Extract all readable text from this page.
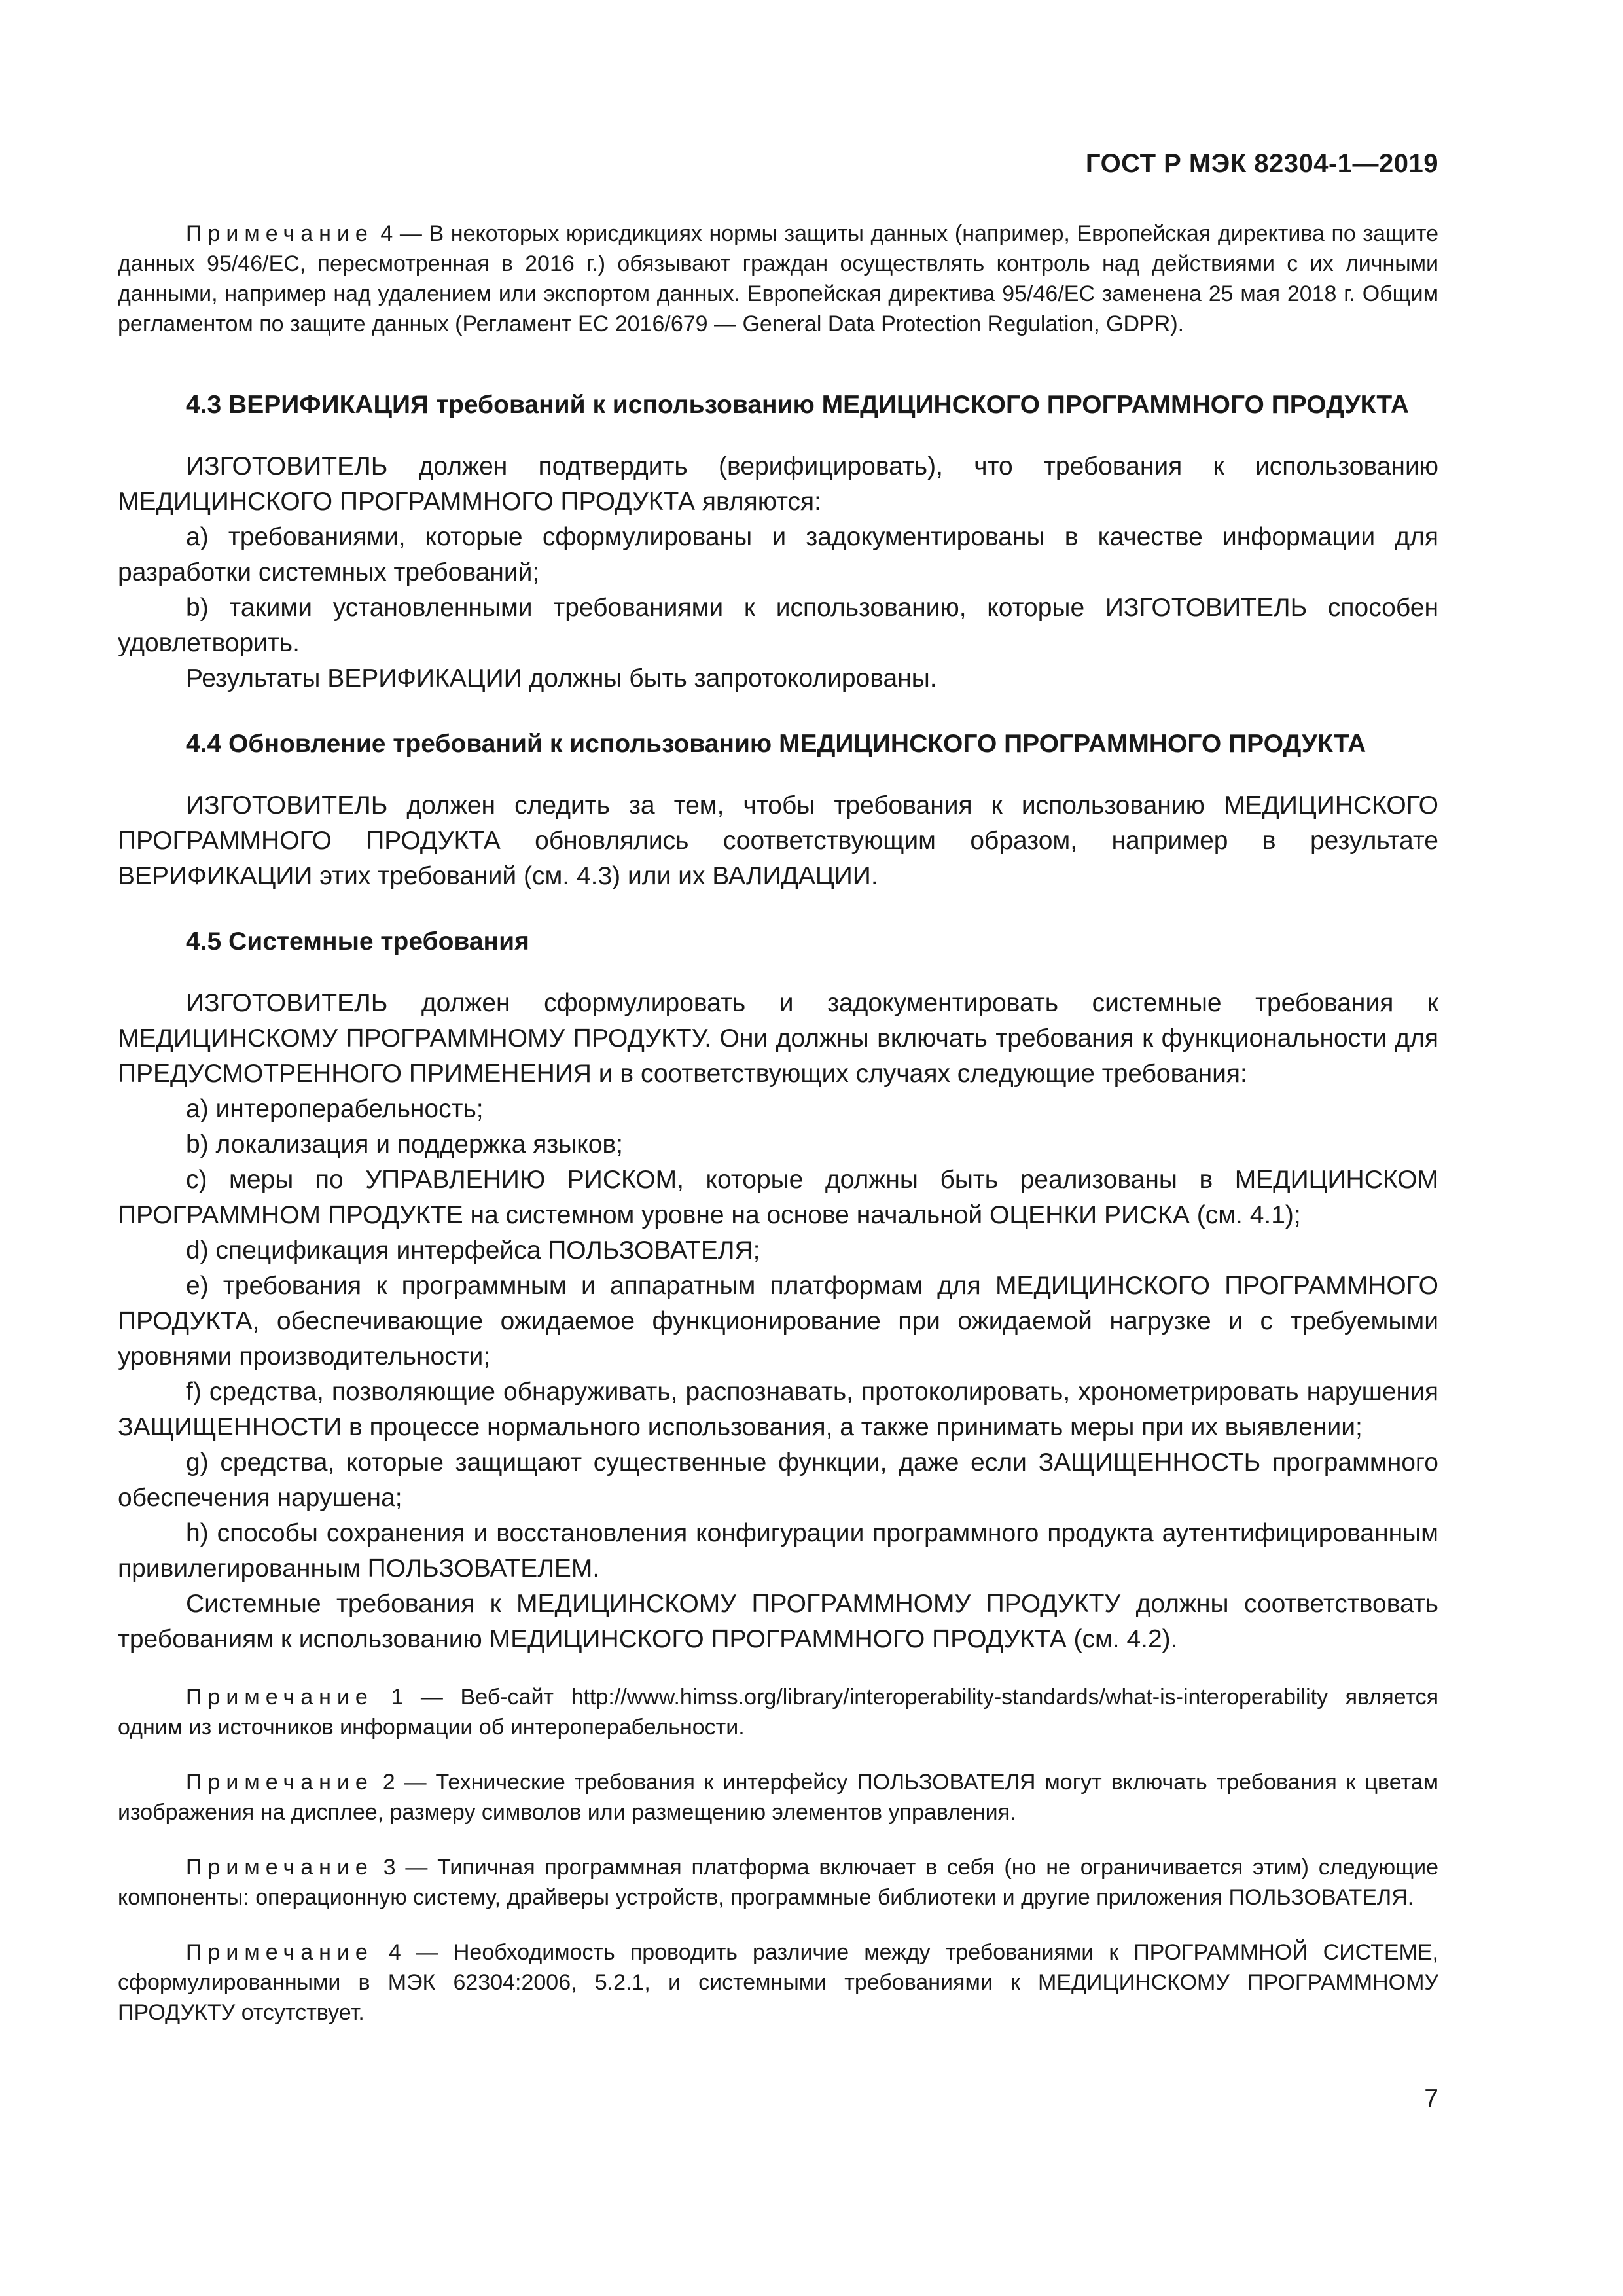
ГОСТ Р МЭК 82304-1—2019

Примечание 4 — В некоторых юрисдикциях нормы защиты данных (например, Европейская директива по защите данных 95/46/ЕС, пересмотренная в 2016 г.) обязывают граждан осуществлять контроль над действиями с их личными данными, например над удалением или экспортом данных. Европейская директива 95/46/ЕС заменена 25 мая 2018 г. Общим регламентом по защите данных (Регламент ЕС 2016/679 — General Data Protection Regulation, GDPR).

4.3 ВЕРИФИКАЦИЯ требований к использованию МЕДИЦИНСКОГО ПРОГРАММНОГО ПРОДУКТА

ИЗГОТОВИТЕЛЬ должен подтвердить (верифицировать), что требования к использованию МЕДИЦИНСКОГО ПРОГРАММНОГО ПРОДУКТА являются:

а) требованиями, которые сформулированы и задокументированы в качестве информации для разработки системных требований;

b) такими установленными требованиями к использованию, которые ИЗГОТОВИТЕЛЬ способен удовлетворить.

Результаты ВЕРИФИКАЦИИ должны быть запротоколированы.

4.4 Обновление требований к использованию МЕДИЦИНСКОГО ПРОГРАММНОГО ПРОДУКТА

ИЗГОТОВИТЕЛЬ должен следить за тем, чтобы требования к использованию МЕДИЦИНСКОГО ПРОГРАММНОГО ПРОДУКТА обновлялись соответствующим образом, например в результате ВЕРИФИКАЦИИ этих требований (см. 4.3) или их ВАЛИДАЦИИ.

4.5 Системные требования

ИЗГОТОВИТЕЛЬ должен сформулировать и задокументировать системные требования к МЕДИЦИНСКОМУ ПРОГРАММНОМУ ПРОДУКТУ. Они должны включать требования к функциональности для ПРЕДУСМОТРЕННОГО ПРИМЕНЕНИЯ и в соответствующих случаях следующие требования:

а) интероперабельность;

b) локализация и поддержка языков;

c) меры по УПРАВЛЕНИЮ РИСКОМ, которые должны быть реализованы в МЕДИЦИНСКОМ ПРОГРАММНОМ ПРОДУКТЕ на системном уровне на основе начальной ОЦЕНКИ РИСКА (см. 4.1);

d) спецификация интерфейса ПОЛЬЗОВАТЕЛЯ;

e) требования к программным и аппаратным платформам для МЕДИЦИНСКОГО ПРОГРАММНОГО ПРОДУКТА, обеспечивающие ожидаемое функционирование при ожидаемой нагрузке и с требуемыми уровнями производительности;

f) средства, позволяющие обнаруживать, распознавать, протоколировать, хронометрировать нарушения ЗАЩИЩЕННОСТИ в процессе нормального использования, а также принимать меры при их выявлении;

g) средства, которые защищают существенные функции, даже если ЗАЩИЩЕННОСТЬ программного обеспечения нарушена;

h) способы сохранения и восстановления конфигурации программного продукта аутентифицированным привилегированным ПОЛЬЗОВАТЕЛЕМ.

Системные требования к МЕДИЦИНСКОМУ ПРОГРАММНОМУ ПРОДУКТУ должны соответствовать требованиям к использованию МЕДИЦИНСКОГО ПРОГРАММНОГО ПРОДУКТА (см. 4.2).

Примечание 1 — Веб-сайт http://www.himss.org/library/interoperability-standards/what-is-interoperability является одним из источников информации об интероперабельности.

Примечание 2 — Технические требования к интерфейсу ПОЛЬЗОВАТЕЛЯ могут включать требования к цветам изображения на дисплее, размеру символов или размещению элементов управления.

Примечание 3 — Типичная программная платформа включает в себя (но не ограничивается этим) следующие компоненты: операционную систему, драйверы устройств, программные библиотеки и другие приложения ПОЛЬЗОВАТЕЛЯ.

Примечание 4 — Необходимость проводить различие между требованиями к ПРОГРАММНОЙ СИСТЕМЕ, сформулированными в МЭК 62304:2006, 5.2.1, и системными требованиями к МЕДИЦИНСКОМУ ПРОГРАММНОМУ ПРОДУКТУ отсутствует.

7
